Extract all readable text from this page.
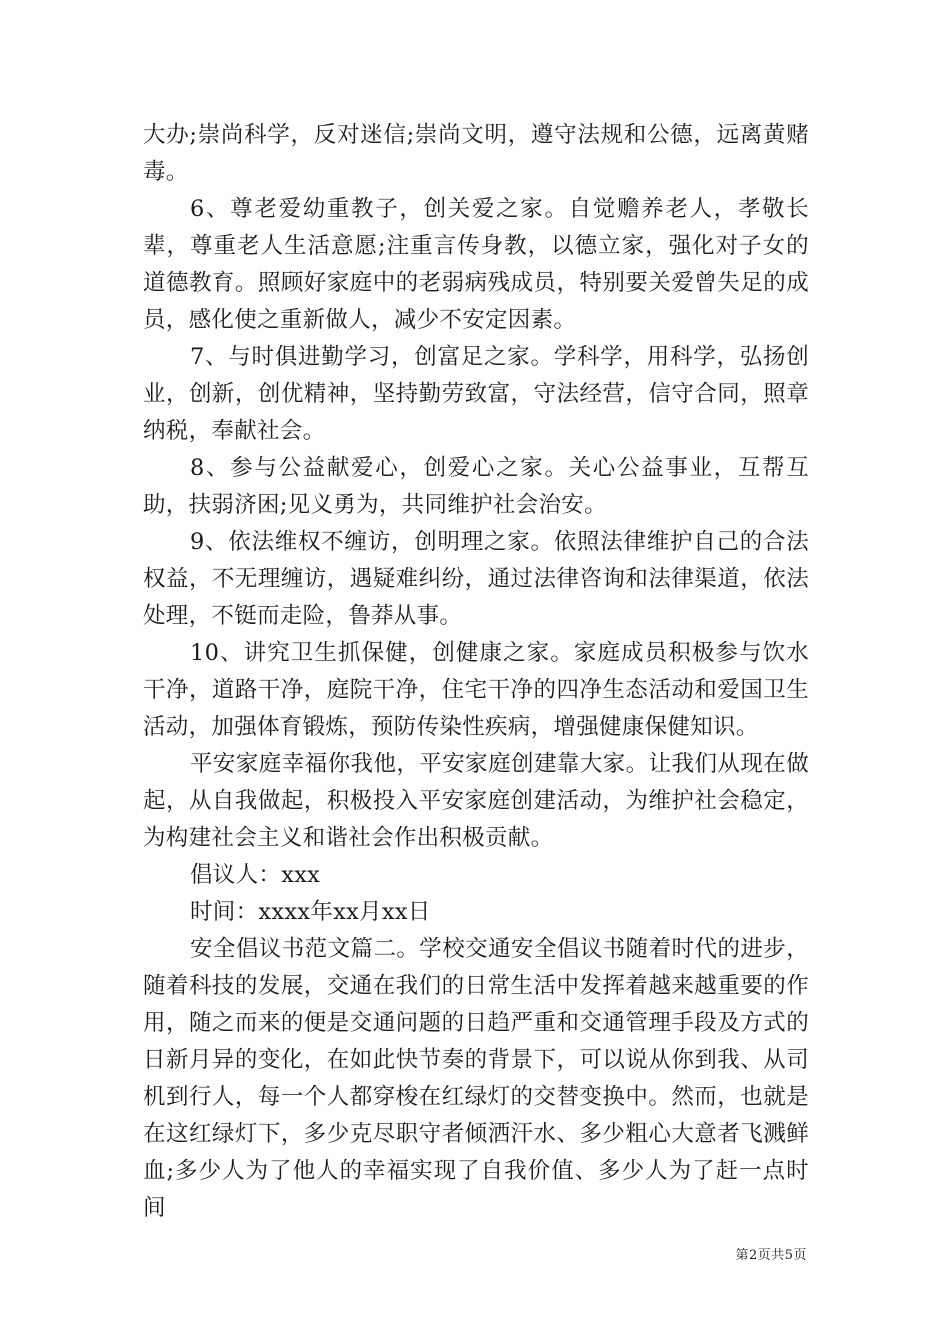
大办;崇尚科学，反对迷信;崇尚文明，遵守法规和公德，远离黄赌毒。

6、尊老爱幼重教子，创关爱之家。自觉赡养老人，孝敬长辈，尊重老人生活意愿;注重言传身教，以德立家，强化对子女的道德教育。照顾好家庭中的老弱病残成员，特别要关爱曾失足的成员，感化使之重新做人，减少不安定因素。

7、与时俱进勤学习，创富足之家。学科学，用科学，弘扬创业，创新，创优精神，坚持勤劳致富，守法经营，信守合同，照章纳税，奉献社会。

8、参与公益献爱心，创爱心之家。关心公益事业，互帮互助，扶弱济困;见义勇为，共同维护社会治安。

9、依法维权不缠访，创明理之家。依照法律维护自己的合法权益，不无理缠访，遇疑难纠纷，通过法律咨询和法律渠道，依法处理，不铤而走险，鲁莽从事。

10、讲究卫生抓保健，创健康之家。家庭成员积极参与饮水干净，道路干净，庭院干净，住宅干净的四净生态活动和爱国卫生活动，加强体育锻炼，预防传染性疾病，增强健康保健知识。

平安家庭幸福你我他，平安家庭创建靠大家。让我们从现在做起，从自我做起，积极投入平安家庭创建活动，为维护社会稳定，为构建社会主义和谐社会作出积极贡献。

倡议人：xxx

时间：xxxx年xx月xx日

安全倡议书范文篇二。学校交通安全倡议书随着时代的进步，随着科技的发展，交通在我们的日常生活中发挥着越来越重要的作用，随之而来的便是交通问题的日趋严重和交通管理手段及方式的日新月异的变化，在如此快节奏的背景下，可以说从你到我、从司机到行人，每一个人都穿梭在红绿灯的交替变换中。然而，也就是在这红绿灯下，多少克尽职守者倾洒汗水、多少粗心大意者飞溅鲜血;多少人为了他人的幸福实现了自我价值、多少人为了赶一点时间

第2页共5页
